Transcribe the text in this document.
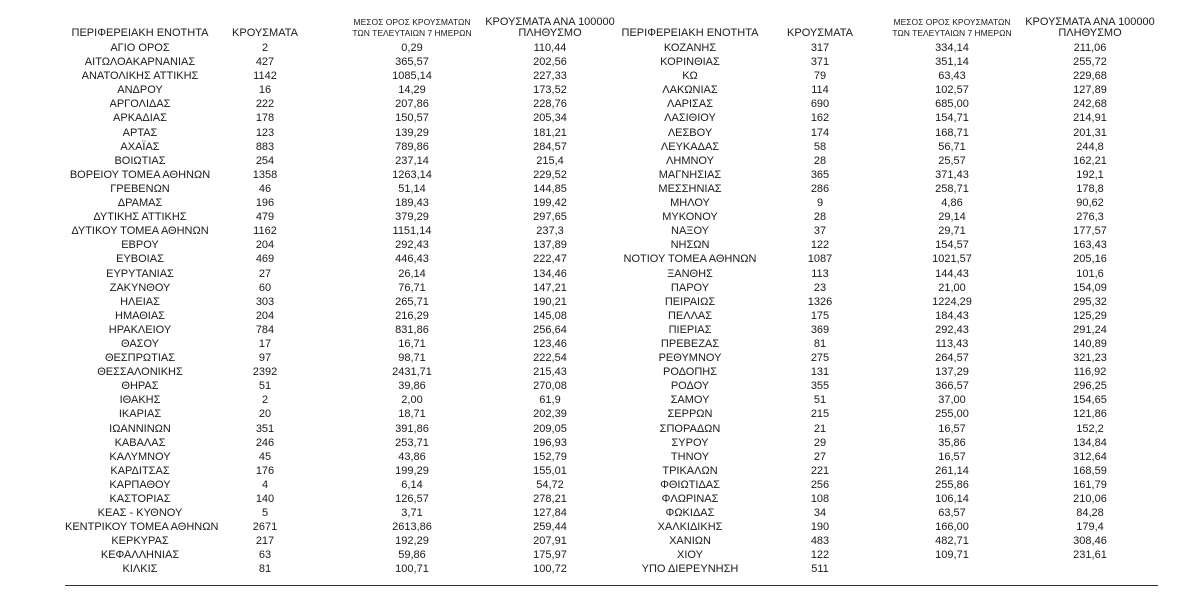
ΠΕΡΙΦΕΡΕΙΑΚΗ ΕΝΟΤΗΤΑ	ΚΡΟΥΣΜΑΤΑ
ΜΕΣΟΣ ΟΡΟΣ ΚΡΟΥΣΜΑΤΩΝ
ΤΩΝ ΤΕΛΕΥΤΑΙΩΝ 7 ΗΜΕΡΩΝ
ΚΡΟΥΣΜΑΤΑ ΑΝΑ 100000
ΠΛΗΘΥΣΜΟ
ΑΓΙΟ ΟΡΟΣ	2	0,29	110,44
ΑΙΤΩΛΟΑΚΑΡΝΑΝΙΑΣ	427	365,57	202,56
ΑΝΑΤΟΛΙΚΗΣ ΑΤΤΙΚΗΣ	1142	1085,14	227,33
ΑΝΔΡΟΥ	16	14,29	173,52
ΑΡΓΟΛΙΔΑΣ	222	207,86	228,76
ΑΡΚΑΔΙΑΣ	178	150,57	205,34
ΑΡΤΑΣ	123	139,29	181,21
ΑΧΑΪΑΣ	883	789,86	284,57
ΒΟΙΩΤΙΑΣ	254	237,14	215,4
ΒΟΡΕΙΟΥ ΤΟΜΕΑ ΑΘΗΝΩΝ	1358	1263,14	229,52
ΓΡΕΒΕΝΩΝ	46	51,14	144,85
ΔΡΑΜΑΣ	196	189,43	199,42
ΔΥΤΙΚΗΣ ΑΤΤΙΚΗΣ	479	379,29	297,65
ΔΥΤΙΚΟΥ ΤΟΜΕΑ ΑΘΗΝΩΝ	1162	1151,14	237,3
ΕΒΡΟΥ	204	292,43	137,89
ΕΥΒΟΙΑΣ	469	446,43	222,47
ΕΥΡΥΤΑΝΙΑΣ	27	26,14	134,46
ΖΑΚΥΝΘΟΥ	60	76,71	147,21
ΗΛΕΙΑΣ	303	265,71	190,21
ΗΜΑΘΙΑΣ	204	216,29	145,08
ΗΡΑΚΛΕΙΟΥ	784	831,86	256,64
ΘΑΣΟΥ	17	16,71	123,46
ΘΕΣΠΡΩΤΙΑΣ	97	98,71	222,54
ΘΕΣΣΑΛΟΝΙΚΗΣ	2392	2431,71	215,43
ΘΗΡΑΣ	51	39,86	270,08
ΙΘΑΚΗΣ	2	2,00	61,9
ΙΚΑΡΙΑΣ	20	18,71	202,39
ΙΩΑΝΝΙΝΩΝ	351	391,86	209,05
ΚΑΒΑΛΑΣ	246	253,71	196,93
ΚΑΛΥΜΝΟΥ	45	43,86	152,79
ΚΑΡΔΙΤΣΑΣ	176	199,29	155,01
ΚΑΡΠΑΘΟΥ	4	6,14	54,72
ΚΑΣΤΟΡΙΑΣ	140	126,57	278,21
ΚΕΑΣ - ΚΥΘΝΟΥ	5	3,71	127,84
ΚΕΝΤΡΙΚΟΥ ΤΟΜΕΑ ΑΘΗΝΩΝ	2671	2613,86	259,44
ΚΕΡΚΥΡΑΣ	217	192,29	207,91
ΚΕΦΑΛΛΗΝΙΑΣ	63	59,86	175,97
ΚΙΛΚΙΣ	81	100,71	100,72
ΠΕΡΙΦΕΡΕΙΑΚΗ ΕΝΟΤΗΤΑ	ΚΡΟΥΣΜΑΤΑ
ΜΕΣΟΣ ΟΡΟΣ ΚΡΟΥΣΜΑΤΩΝ
ΤΩΝ ΤΕΛΕΥΤΑΙΩΝ 7 ΗΜΕΡΩΝ
ΚΡΟΥΣΜΑΤΑ ΑΝΑ 100000
ΠΛΗΘΥΣΜΟ
ΚΟΖΑΝΗΣ	317	334,14	211,06
ΚΟΡΙΝΘΙΑΣ	371	351,14	255,72
ΚΩ	79	63,43	229,68
ΛΑΚΩΝΙΑΣ	114	102,57	127,89
ΛΑΡΙΣΑΣ	690	685,00	242,68
ΛΑΣΙΘΙΟΥ	162	154,71	214,91
ΛΕΣΒΟΥ	174	168,71	201,31
ΛΕΥΚΑΔΑΣ	58	56,71	244,8
ΛΗΜΝΟΥ	28	25,57	162,21
ΜΑΓΝΗΣΙΑΣ	365	371,43	192,1
ΜΕΣΣΗΝΙΑΣ	286	258,71	178,8
ΜΗΛΟΥ	9	4,86	90,62
ΜΥΚΟΝΟΥ	28	29,14	276,3
ΝΑΞΟΥ	37	29,71	177,57
ΝΗΣΩΝ	122	154,57	163,43
ΝΟΤΙΟΥ ΤΟΜΕΑ ΑΘΗΝΩΝ	1087	1021,57	205,16
ΞΑΝΘΗΣ	113	144,43	101,6
ΠΑΡΟΥ	23	21,00	154,09
ΠΕΙΡΑΙΩΣ	1326	1224,29	295,32
ΠΕΛΛΑΣ	175	184,43	125,29
ΠΙΕΡΙΑΣ	369	292,43	291,24
ΠΡΕΒΕΖΑΣ	81	113,43	140,89
ΡΕΘΥΜΝΟΥ	275	264,57	321,23
ΡΟΔΟΠΗΣ	131	137,29	116,92
ΡΟΔΟΥ	355	366,57	296,25
ΣΑΜΟΥ	51	37,00	154,65
ΣΕΡΡΩΝ	215	255,00	121,86
ΣΠΟΡΑΔΩΝ	21	16,57	152,2
ΣΥΡΟΥ	29	35,86	134,84
ΤΗΝΟΥ	27	16,57	312,64
ΤΡΙΚΑΛΩΝ	221	261,14	168,59
ΦΘΙΩΤΙΔΑΣ	256	255,86	161,79
ΦΛΩΡΙΝΑΣ	108	106,14	210,06
ΦΩΚΙΔΑΣ	34	63,57	84,28
ΧΑΛΚΙΔΙΚΗΣ	190	166,00	179,4
ΧΑΝΙΩΝ	483	482,71	308,46
ΧΙΟΥ	122	109,71	231,61
ΥΠΟ ΔΙΕΡΕΥΝΗΣΗ	511
